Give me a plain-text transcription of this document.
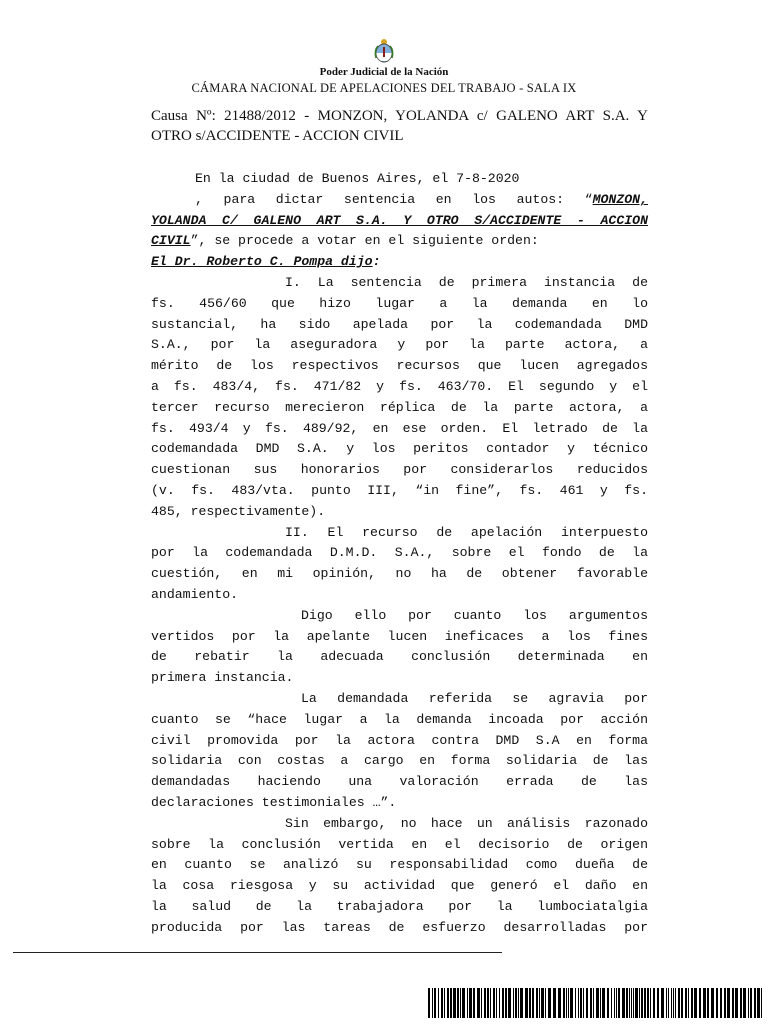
Poder Judicial de la Nación
CÁMARA NACIONAL DE APELACIONES DEL TRABAJO - SALA IX
Causa Nº: 21488/2012 - MONZON, YOLANDA c/ GALENO ART S.A. Y
OTRO s/ACCIDENTE - ACCION CIVIL
En la ciudad de Buenos Aires, el 7-8-2020
, para dictar sentencia en los autos: “MONZON,
YOLANDA C/ GALENO ART S.A. Y OTRO S/ACCIDENTE - ACCION
CIVIL”, se procede a votar en el siguiente orden:
El Dr. Roberto C. Pompa dijo:
I. La sentencia de primera instancia de
fs. 456/60 que hizo lugar a la demanda en lo
sustancial, ha sido apelada por la codemandada DMD
S.A., por la aseguradora y por la parte actora, a
mérito de los respectivos recursos que lucen agregados
a fs. 483/4, fs. 471/82 y fs. 463/70. El segundo y el
tercer recurso merecieron réplica de la parte actora, a
fs. 493/4 y fs. 489/92, en ese orden. El letrado de la
codemandada DMD S.A. y los peritos contador y técnico
cuestionan sus honorarios por considerarlos reducidos
(v. fs. 483/vta. punto III, “in fine”, fs. 461 y fs.
485, respectivamente).
II. El recurso de apelación interpuesto
por la codemandada D.M.D. S.A., sobre el fondo de la
cuestión, en mi opinión, no ha de obtener favorable
andamiento.
Digo ello por cuanto los argumentos
vertidos por la apelante lucen ineficaces a los fines
de rebatir la adecuada conclusión determinada en
primera instancia.
La demandada referida se agravia por
cuanto se “hace lugar a la demanda incoada por acción
civil promovida por la actora contra DMD S.A en forma
solidaria con costas a cargo en forma solidaria de las
demandadas haciendo una valoración errada de las
declaraciones testimoniales …”.
Sin embargo, no hace un análisis razonado
sobre la conclusión vertida en el decisorio de origen
en cuanto se analizó su responsabilidad como dueña de
la cosa riesgosa y su actividad que generó el daño en
la salud de la trabajadora por la lumbociatalgia
producida por las tareas de esfuerzo desarrolladas por
